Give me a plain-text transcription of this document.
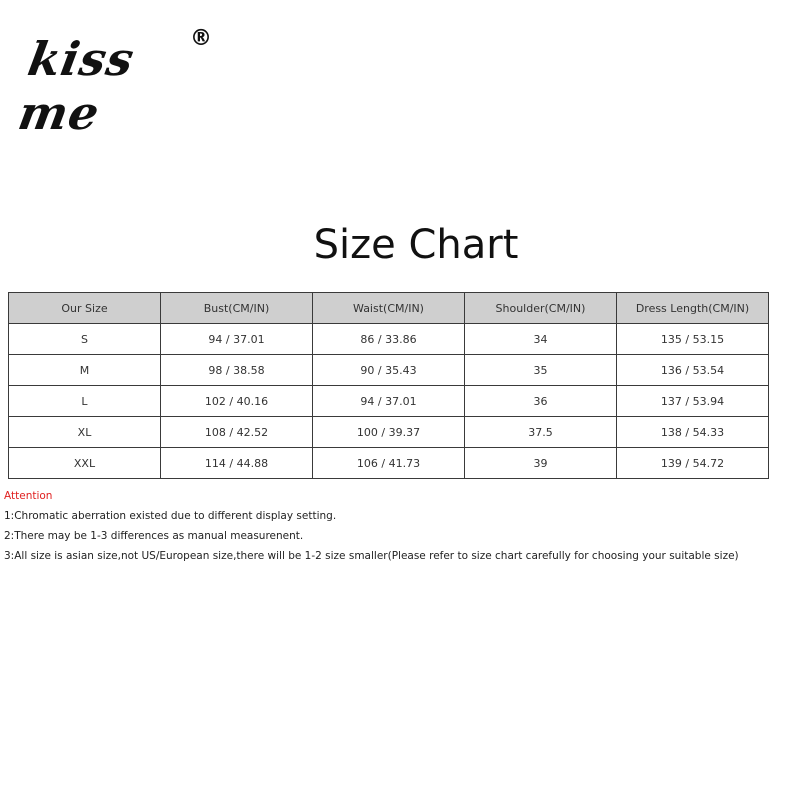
kiss me
®
Size Chart
Our Size	Bust(CM/IN)	Waist(CM/IN)	Shoulder(CM/IN)	Dress Length(CM/IN)
S	94 / 37.01	86 / 33.86	34	135 / 53.15
M	98 / 38.58	90 / 35.43	35	136 / 53.54
L	102 / 40.16	94 / 37.01	36	137 / 53.94
XL	108 / 42.52	100 / 39.37	37.5	138 / 54.33
XXL	114 / 44.88	106 / 41.73	39	139 / 54.72
Attention
1:Chromatic aberration existed due to different display setting.
2:There may be 1-3 differences as manual measurenent.
3:All size is asian size,not US/European size,there will be 1-2 size smaller(Please refer to size chart carefully for choosing your suitable size)
